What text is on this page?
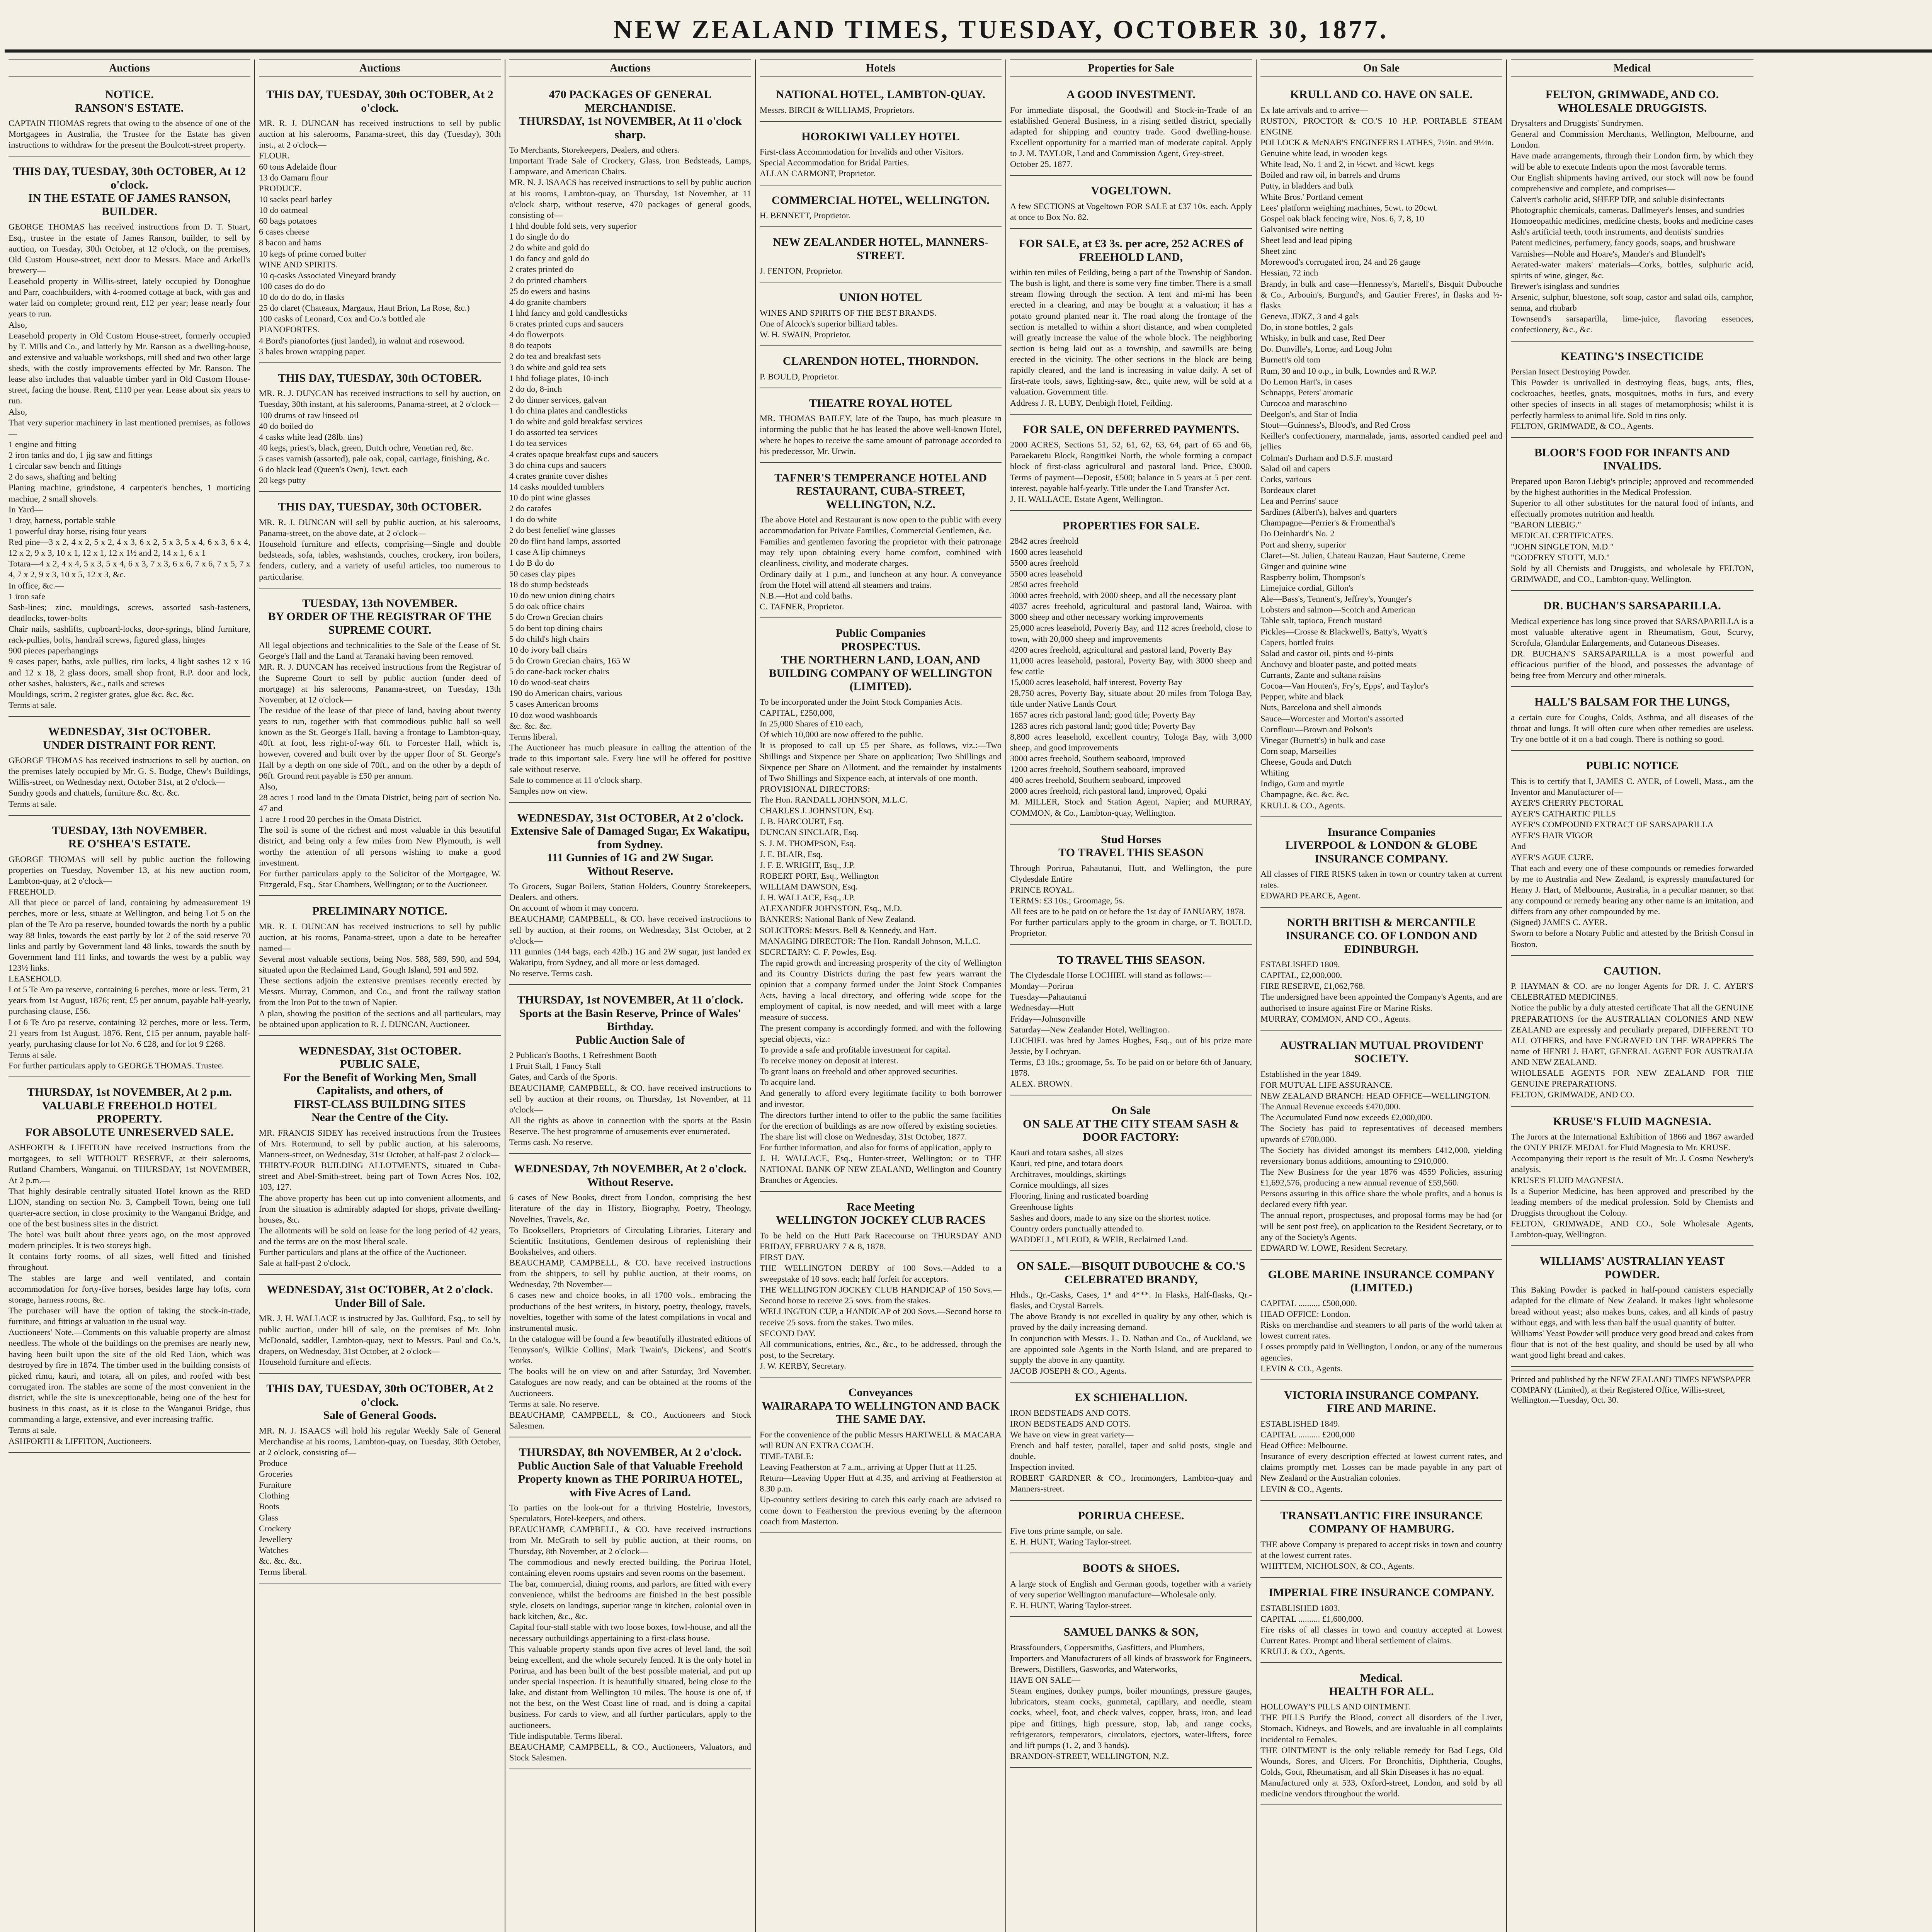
NEW ZEALAND TIMES, TUESDAY, OCTOBER 30, 1877.
Auctions
NOTICE.
RANSON'S ESTATE.
CAPTAIN THOMAS regrets that owing to the absence of one of the Mortgagees in Australia, the Trustee for the Estate has given instructions to withdraw for the present the Boulcott-street property.
THIS DAY, TUESDAY, 30th OCTOBER, At 12 o'clock.
IN THE ESTATE OF JAMES RANSON, BUILDER.
GEORGE THOMAS has received instructions from D. T. Stuart, Esq., trustee in the estate of James Ranson, builder, to sell by auction, on Tuesday, 30th October, at 12 o'clock, on the premises, Old Custom House-street, next door to Messrs. Mace and Arkell's brewery—
Leasehold property in Willis-street, lately occupied by Donoghue and Parr, coachbuilders, with 4-roomed cottage at back, with gas and water laid on complete; ground rent, £12 per year; lease nearly four years to run.
Also,
Leasehold property in Old Custom House-street, formerly occupied by T. Mills and Co., and latterly by Mr. Ranson as a dwelling-house, and extensive and valuable workshops, mill shed and two other large sheds, with the costly improvements effected by Mr. Ranson. The lease also includes that valuable timber yard in Old Custom House-street, facing the house. Rent, £110 per year. Lease about six years to run.
Also,
That very superior machinery in last mentioned premises, as follows—
1 engine and fitting
2 iron tanks and do, 1 jig saw and fittings
1 circular saw bench and fittings
2 do saws, shafting and belting
Planing machine, grindstone, 4 carpenter's benches, 1 morticing machine, 2 small shovels.
In Yard—
1 dray, harness, portable stable
1 powerful dray horse, rising four years
Red pine—3 x 2, 4 x 2, 5 x 2, 4 x 3, 6 x 2, 5 x 3, 5 x 4, 6 x 3, 6 x 4, 12 x 2, 9 x 3, 10 x 1, 12 x 1, 12 x 1½ and 2, 14 x 1, 6 x 1
Totara—4 x 2, 4 x 4, 5 x 3, 5 x 4, 6 x 3, 7 x 3, 6 x 6, 7 x 6, 7 x 5, 7 x 4, 7 x 2, 9 x 3, 10 x 5, 12 x 3, &c.
In office, &c.—
1 iron safe
Sash-lines; zinc, mouldings, screws, assorted sash-fasteners, deadlocks, tower-bolts
Chair nails, sashlifts, cupboard-locks, door-springs, blind furniture, rack-pullies, bolts, handrail screws, figured glass, hinges
900 pieces paperhangings
9 cases paper, baths, axle pullies, rim locks, 4 light sashes 12 x 16 and 12 x 18, 2 glass doors, small shop front, R.P. door and lock, other sashes, balusters, &c., nails and screws
Mouldings, scrim, 2 register grates, glue &c. &c. &c.
Terms at sale.
WEDNESDAY, 31st OCTOBER.
UNDER DISTRAINT FOR RENT.
GEORGE THOMAS has received instructions to sell by auction, on the premises lately occupied by Mr. G. S. Budge, Chew's Buildings, Willis-street, on Wednesday next, October 31st, at 2 o'clock—
Sundry goods and chattels, furniture &c. &c. &c.
Terms at sale.
TUESDAY, 13th NOVEMBER.
RE O'SHEA'S ESTATE.
GEORGE THOMAS will sell by public auction the following properties on Tuesday, November 13, at his new auction room, Lambton-quay, at 2 o'clock—
FREEHOLD.
All that piece or parcel of land, containing by admeasurement 19 perches, more or less, situate at Wellington, and being Lot 5 on the plan of the Te Aro pa reserve, bounded towards the north by a public way 88 links, towards the east partly by lot 2 of the said reserve 70 links and partly by Government land 48 links, towards the south by Government land 111 links, and towards the west by a public way 123½ links.
LEASEHOLD.
Lot 5 Te Aro pa reserve, containing 6 perches, more or less. Term, 21 years from 1st August, 1876; rent, £5 per annum, payable half-yearly, purchasing clause, £56.
Lot 6 Te Aro pa reserve, containing 32 perches, more or less. Term, 21 years from 1st August, 1876. Rent, £15 per annum, payable half-yearly, purchasing clause for lot No. 6 £28, and for lot 9 £268.
Terms at sale.
For further particulars apply to GEORGE THOMAS. Trustee.
THURSDAY, 1st NOVEMBER, At 2 p.m.
VALUABLE FREEHOLD HOTEL PROPERTY.
FOR ABSOLUTE UNRESERVED SALE.
ASHFORTH & LIFFITON have received instructions from the mortgagees, to sell WITHOUT RESERVE, at their salerooms, Rutland Chambers, Wanganui, on THURSDAY, 1st NOVEMBER, At 2 p.m.—
That highly desirable centrally situated Hotel known as the RED LION, standing on section No. 3, Campbell Town, being one full quarter-acre section, in close proximity to the Wanganui Bridge, and one of the best business sites in the district.
The hotel was built about three years ago, on the most approved modern principles. It is two storeys high.
It contains forty rooms, of all sizes, well fitted and finished throughout.
The stables are large and well ventilated, and contain accommodation for forty-five horses, besides large hay lofts, corn storage, harness rooms, &c.
The purchaser will have the option of taking the stock-in-trade, furniture, and fittings at valuation in the usual way.
Auctioneers' Note.—Comments on this valuable property are almost needless. The whole of the buildings on the premises are nearly new, having been built upon the site of the old Red Lion, which was destroyed by fire in 1874. The timber used in the building consists of picked rimu, kauri, and totara, all on piles, and roofed with best corrugated iron. The stables are some of the most convenient in the district, while the site is unexceptionable, being one of the best for business in this coast, as it is close to the Wanganui Bridge, thus commanding a large, extensive, and ever increasing traffic.
Terms at sale.
ASHFORTH & LIFFITON, Auctioneers.
Auctions
THIS DAY, TUESDAY, 30th OCTOBER, At 2 o'clock.
MR. R. J. DUNCAN has received instructions to sell by public auction at his salerooms, Panama-street, this day (Tuesday), 30th inst., at 2 o'clock—
FLOUR.
60 tons Adelaide flour
13 do Oamaru flour
PRODUCE.
10 sacks pearl barley
10 do oatmeal
60 bags potatoes
6 cases cheese
8 bacon and hams
10 kegs of prime corned butter
WINE AND SPIRITS.
10 q-casks Associated Vineyard brandy
100 cases do do do
10 do do do do, in flasks
25 do claret (Chateaux, Margaux, Haut Brion, La Rose, &c.)
100 casks of Leonard, Cox and Co.'s bottled ale
PIANOFORTES.
4 Bord's pianofortes (just landed), in walnut and rosewood.
3 bales brown wrapping paper.
THIS DAY, TUESDAY, 30th OCTOBER.
MR. R. J. DUNCAN has received instructions to sell by auction, on Tuesday, 30th instant, at his salerooms, Panama-street, at 2 o'clock—
100 drums of raw linseed oil
40 do boiled do
4 casks white lead (28lb. tins)
40 kegs, priest's, black, green, Dutch ochre, Venetian red, &c.
5 cases varnish (assorted), pale oak, copal, carriage, finishing, &c.
6 do black lead (Queen's Own), 1cwt. each
20 kegs putty
THIS DAY, TUESDAY, 30th OCTOBER.
MR. R. J. DUNCAN will sell by public auction, at his salerooms, Panama-street, on the above date, at 2 o'clock—
Household furniture and effects, comprising—Single and double bedsteads, sofa, tables, washstands, couches, crockery, iron boilers, fenders, cutlery, and a variety of useful articles, too numerous to particularise.
TUESDAY, 13th NOVEMBER.
BY ORDER OF THE REGISTRAR OF THE SUPREME COURT.
All legal objections and technicalities to the Sale of the Lease of St. George's Hall and the Land at Taranaki having been removed.
MR. R. J. DUNCAN has received instructions from the Registrar of the Supreme Court to sell by public auction (under deed of mortgage) at his salerooms, Panama-street, on Tuesday, 13th November, at 12 o'clock—
The residue of the lease of that piece of land, having about twenty years to run, together with that commodious public hall so well known as the St. George's Hall, having a frontage to Lambton-quay, 40ft. at foot, less right-of-way 6ft. to Forcester Hall, which is, however, covered and built over by the upper floor of St. George's Hall by a depth on one side of 70ft., and on the other by a depth of 96ft. Ground rent payable is £50 per annum.
Also,
28 acres 1 rood land in the Omata District, being part of section No. 47 and
1 acre 1 rood 20 perches in the Omata District.
The soil is some of the richest and most valuable in this beautiful district, and being only a few miles from New Plymouth, is well worthy the attention of all persons wishing to make a good investment.
For further particulars apply to the Solicitor of the Mortgagee, W. Fitzgerald, Esq., Star Chambers, Wellington; or to the Auctioneer.
PRELIMINARY NOTICE.
MR. R. J. DUNCAN has received instructions to sell by public auction, at his rooms, Panama-street, upon a date to be hereafter named—
Several most valuable sections, being Nos. 588, 589, 590, and 594, situated upon the Reclaimed Land, Gough Island, 591 and 592.
These sections adjoin the extensive premises recently erected by Messrs. Murray, Common, and Co., and front the railway station from the Iron Pot to the town of Napier.
A plan, showing the position of the sections and all particulars, may be obtained upon application to R. J. DUNCAN, Auctioneer.
WEDNESDAY, 31st OCTOBER.
PUBLIC SALE,
For the Benefit of Working Men, Small Capitalists, and others, of
FIRST-CLASS BUILDING SITES
Near the Centre of the City.
MR. FRANCIS SIDEY has received instructions from the Trustees of Mrs. Rotermund, to sell by public auction, at his salerooms, Manners-street, on Wednesday, 31st October, at half-past 2 o'clock—
THIRTY-FOUR BUILDING ALLOTMENTS, situated in Cuba-street and Abel-Smith-street, being part of Town Acres Nos. 102, 103, 127.
The above property has been cut up into convenient allotments, and from the situation is admirably adapted for shops, private dwelling-houses, &c.
The allotments will be sold on lease for the long period of 42 years, and the terms are on the most liberal scale.
Further particulars and plans at the office of the Auctioneer.
Sale at half-past 2 o'clock.
WEDNESDAY, 31st OCTOBER, At 2 o'clock.
Under Bill of Sale.
MR. J. H. WALLACE is instructed by Jas. Gulliford, Esq., to sell by public auction, under bill of sale, on the premises of Mr. John McDonald, saddler, Lambton-quay, next to Messrs. Paul and Co.'s, drapers, on Wednesday, 31st October, at 2 o'clock—
Household furniture and effects.
THIS DAY, TUESDAY, 30th OCTOBER, At 2 o'clock.
Sale of General Goods.
MR. N. J. ISAACS will hold his regular Weekly Sale of General Merchandise at his rooms, Lambton-quay, on Tuesday, 30th October, at 2 o'clock, consisting of—
Produce
Groceries
Furniture
Clothing
Boots
Glass
Crockery
Jewellery
Watches
&c. &c. &c.
Terms liberal.
Auctions
470 PACKAGES OF GENERAL MERCHANDISE.
THURSDAY, 1st NOVEMBER, At 11 o'clock sharp.
To Merchants, Storekeepers, Dealers, and others.
Important Trade Sale of Crockery, Glass, Iron Bedsteads, Lamps, Lampware, and American Chairs.
MR. N. J. ISAACS has received instructions to sell by public auction at his rooms, Lambton-quay, on Thursday, 1st November, at 11 o'clock sharp, without reserve, 470 packages of general goods, consisting of—
1 hhd double fold sets, very superior
1 do single do do
2 do white and gold do
1 do fancy and gold do
2 crates printed do
2 do printed chambers
25 do ewers and basins
4 do granite chambers
1 hhd fancy and gold candlesticks
6 crates printed cups and saucers
4 do flowerpots
8 do teapots
2 do tea and breakfast sets
3 do white and gold tea sets
1 hhd foliage plates, 10-inch
2 do do, 8-inch
2 do dinner services, galvan
1 do china plates and candlesticks
1 do white and gold breakfast services
1 do assorted tea services
1 do tea services
4 crates opaque breakfast cups and saucers
3 do china cups and saucers
4 crates granite cover dishes
14 casks moulded tumblers
10 do pint wine glasses
2 do carafes
1 do do white
2 do best fenelief wine glasses
20 do flint hand lamps, assorted
1 case A lip chimneys
1 do B do do
50 cases clay pipes
18 do stump bedsteads
10 do new union dining chairs
5 do oak office chairs
5 do Crown Grecian chairs
5 do bent top dining chairs
5 do child's high chairs
10 do ivory ball chairs
5 do Crown Grecian chairs, 165 W
5 do cane-back rocker chairs
10 do wood-seat chairs
190 do American chairs, various
5 cases American brooms
10 doz wood washboards
&c. &c. &c.
Terms liberal.
The Auctioneer has much pleasure in calling the attention of the trade to this important sale. Every line will be offered for positive sale without reserve.
Sale to commence at 11 o'clock sharp.
Samples now on view.
WEDNESDAY, 31st OCTOBER, At 2 o'clock.
Extensive Sale of Damaged Sugar, Ex Wakatipu, from Sydney.
111 Gunnies of 1G and 2W Sugar.
Without Reserve.
To Grocers, Sugar Boilers, Station Holders, Country Storekeepers, Dealers, and others.
On account of whom it may concern.
BEAUCHAMP, CAMPBELL, & CO. have received instructions to sell by auction, at their rooms, on Wednesday, 31st October, at 2 o'clock—
111 gunnies (144 bags, each 42lb.) 1G and 2W sugar, just landed ex Wakatipu, from Sydney, and all more or less damaged.
No reserve. Terms cash.
THURSDAY, 1st NOVEMBER, At 11 o'clock.
Sports at the Basin Reserve, Prince of Wales' Birthday.
Public Auction Sale of
2 Publican's Booths, 1 Refreshment Booth
1 Fruit Stall, 1 Fancy Stall
Gates, and Cards of the Sports.
BEAUCHAMP, CAMPBELL, & CO. have received instructions to sell by auction at their rooms, on Thursday, 1st November, at 11 o'clock—
All the rights as above in connection with the sports at the Basin Reserve. The best programme of amusements ever enumerated.
Terms cash. No reserve.
WEDNESDAY, 7th NOVEMBER, At 2 o'clock.
Without Reserve.
6 cases of New Books, direct from London, comprising the best literature of the day in History, Biography, Poetry, Theology, Novelties, Travels, &c.
To Booksellers, Proprietors of Circulating Libraries, Literary and Scientific Institutions, Gentlemen desirous of replenishing their Bookshelves, and others.
BEAUCHAMP, CAMPBELL, & CO. have received instructions from the shippers, to sell by public auction, at their rooms, on Wednesday, 7th November—
6 cases new and choice books, in all 1700 vols., embracing the productions of the best writers, in history, poetry, theology, travels, novelties, together with some of the latest compilations in vocal and instrumental music.
In the catalogue will be found a few beautifully illustrated editions of Tennyson's, Wilkie Collins', Mark Twain's, Dickens', and Scott's works.
The books will be on view on and after Saturday, 3rd November. Catalogues are now ready, and can be obtained at the rooms of the Auctioneers.
Terms at sale. No reserve.
BEAUCHAMP, CAMPBELL, & CO., Auctioneers and Stock Salesmen.
THURSDAY, 8th NOVEMBER, At 2 o'clock.
Public Auction Sale of that Valuable Freehold Property known as THE PORIRUA HOTEL, with Five Acres of Land.
To parties on the look-out for a thriving Hostelrie, Investors, Speculators, Hotel-keepers, and others.
BEAUCHAMP, CAMPBELL, & CO. have received instructions from Mr. McGrath to sell by public auction, at their rooms, on Thursday, 8th November, at 2 o'clock—
The commodious and newly erected building, the Porirua Hotel, containing eleven rooms upstairs and seven rooms on the basement.
The bar, commercial, dining rooms, and parlors, are fitted with every convenience, whilst the bedrooms are finished in the best possible style, closets on landings, superior range in kitchen, colonial oven in back kitchen, &c., &c.
Capital four-stall stable with two loose boxes, fowl-house, and all the necessary outbuildings appertaining to a first-class house.
This valuable property stands upon five acres of level land, the soil being excellent, and the whole securely fenced. It is the only hotel in Porirua, and has been built of the best possible material, and put up under special inspection. It is beautifully situated, being close to the lake, and distant from Wellington 10 miles. The house is one of, if not the best, on the West Coast line of road, and is doing a capital business. For cards to view, and all further particulars, apply to the auctioneers.
Title indisputable. Terms liberal.
BEAUCHAMP, CAMPBELL, & CO., Auctioneers, Valuators, and Stock Salesmen.
Hotels
NATIONAL HOTEL, LAMBTON-QUAY.
Messrs. BIRCH & WILLIAMS, Proprietors.
HOROKIWI VALLEY HOTEL
First-class Accommodation for Invalids and other Visitors.
Special Accommodation for Bridal Parties.
ALLAN CARMONT, Proprietor.
COMMERCIAL HOTEL, WELLINGTON.
H. BENNETT, Proprietor.
NEW ZEALANDER HOTEL, MANNERS-STREET.
J. FENTON, Proprietor.
UNION HOTEL
WINES AND SPIRITS OF THE BEST BRANDS.
One of Alcock's superior billiard tables.
W. H. SWAIN, Proprietor.
CLARENDON HOTEL, THORNDON.
P. BOULD, Proprietor.
THEATRE ROYAL HOTEL
MR. THOMAS BAILEY, late of the Taupo, has much pleasure in informing the public that he has leased the above well-known Hotel, where he hopes to receive the same amount of patronage accorded to his predecessor, Mr. Urwin.
TAFNER'S TEMPERANCE HOTEL AND RESTAURANT, CUBA-STREET, WELLINGTON, N.Z.
The above Hotel and Restaurant is now open to the public with every accommodation for Private Families, Commercial Gentlemen, &c.
Families and gentlemen favoring the proprietor with their patronage may rely upon obtaining every home comfort, combined with cleanliness, civility, and moderate charges.
Ordinary daily at 1 p.m., and luncheon at any hour. A conveyance from the Hotel will attend all steamers and trains.
N.B.—Hot and cold baths.
C. TAFNER, Proprietor.
Public Companies
PROSPECTUS.
THE NORTHERN LAND, LOAN, AND BUILDING COMPANY OF WELLINGTON (LIMITED).
To be incorporated under the Joint Stock Companies Acts.
CAPITAL, £250,000,
In 25,000 Shares of £10 each,
Of which 10,000 are now offered to the public.
It is proposed to call up £5 per Share, as follows, viz.:—Two Shillings and Sixpence per Share on application; Two Shillings and Sixpence per Share on Allotment, and the remainder by instalments of Two Shillings and Sixpence each, at intervals of one month.
PROVISIONAL DIRECTORS:
The Hon. RANDALL JOHNSON, M.L.C.
CHARLES J. JOHNSTON, Esq.
J. B. HARCOURT, Esq.
DUNCAN SINCLAIR, Esq.
S. J. M. THOMPSON, Esq.
J. E. BLAIR, Esq.
J. F. E. WRIGHT, Esq., J.P.
ROBERT PORT, Esq., Wellington
WILLIAM DAWSON, Esq.
J. H. WALLACE, Esq., J.P.
ALEXANDER JOHNSTON, Esq., M.D.
BANKERS: National Bank of New Zealand.
SOLICITORS: Messrs. Bell & Kennedy, and Hart.
MANAGING DIRECTOR: The Hon. Randall Johnson, M.L.C.
SECRETARY: C. F. Powles, Esq.
The rapid growth and increasing prosperity of the city of Wellington and its Country Districts during the past few years warrant the opinion that a company formed under the Joint Stock Companies Acts, having a local directory, and offering wide scope for the employment of capital, is now needed, and will meet with a large measure of success.
The present company is accordingly formed, and with the following special objects, viz.:
To provide a safe and profitable investment for capital.
To receive money on deposit at interest.
To grant loans on freehold and other approved securities.
To acquire land.
And generally to afford every legitimate facility to both borrower and investor.
The directors further intend to offer to the public the same facilities for the erection of buildings as are now offered by existing societies.
The share list will close on Wednesday, 31st October, 1877.
For further information, and also for forms of application, apply to
J. H. WALLACE, Esq., Hunter-street, Wellington; or to THE NATIONAL BANK OF NEW ZEALAND, Wellington and Country Branches or Agencies.
Race Meeting
WELLINGTON JOCKEY CLUB RACES
To be held on the Hutt Park Racecourse on THURSDAY AND FRIDAY, FEBRUARY 7 & 8, 1878.
FIRST DAY.
THE WELLINGTON DERBY of 100 Sovs.—Added to a sweepstake of 10 sovs. each; half forfeit for acceptors.
THE WELLINGTON JOCKEY CLUB HANDICAP of 150 Sovs.—Second horse to receive 25 sovs. from the stakes.
WELLINGTON CUP, a HANDICAP of 200 Sovs.—Second horse to receive 25 sovs. from the stakes. Two miles.
SECOND DAY.
All communications, entries, &c., &c., to be addressed, through the post, to the Secretary.
J. W. KERBY, Secretary.
Conveyances
WAIRARAPA TO WELLINGTON AND BACK THE SAME DAY.
For the convenience of the public Messrs HARTWELL & MACARA will RUN AN EXTRA COACH.
TIME-TABLE:
Leaving Featherston at 7 a.m., arriving at Upper Hutt at 11.25.
Return—Leaving Upper Hutt at 4.35, and arriving at Featherston at 8.30 p.m.
Up-country settlers desiring to catch this early coach are advised to come down to Featherston the previous evening by the afternoon coach from Masterton.
Properties for Sale
A GOOD INVESTMENT.
For immediate disposal, the Goodwill and Stock-in-Trade of an established General Business, in a rising settled district, specially adapted for shipping and country trade. Good dwelling-house. Excellent opportunity for a married man of moderate capital. Apply to J. M. TAYLOR, Land and Commission Agent, Grey-street.
October 25, 1877.
VOGELTOWN.
A few SECTIONS at Vogeltown FOR SALE at £37 10s. each. Apply at once to Box No. 82.
FOR SALE, at £3 3s. per acre, 252 ACRES of FREEHOLD LAND,
within ten miles of Feilding, being a part of the Township of Sandon. The bush is light, and there is some very fine timber. There is a small stream flowing through the section. A tent and mi-mi has been erected in a clearing, and may be bought at a valuation; it has a potato ground planted near it. The road along the frontage of the section is metalled to within a short distance, and when completed will greatly increase the value of the whole block. The neighboring section is being laid out as a township, and sawmills are being erected in the vicinity. The other sections in the block are being rapidly cleared, and the land is increasing in value daily. A set of first-rate tools, saws, lighting-saw, &c., quite new, will be sold at a valuation. Government title.
Address J. R. LUBY, Denbigh Hotel, Feilding.
FOR SALE, ON DEFERRED PAYMENTS.
2000 ACRES, Sections 51, 52, 61, 62, 63, 64, part of 65 and 66, Paraekaretu Block, Rangitikei North, the whole forming a compact block of first-class agricultural and pastoral land. Price, £3000. Terms of payment—Deposit, £500; balance in 5 years at 5 per cent. interest, payable half-yearly. Title under the Land Transfer Act.
J. H. WALLACE, Estate Agent, Wellington.
PROPERTIES FOR SALE.
2842 acres freehold
1600 acres leasehold
5500 acres freehold
5500 acres leasehold
2850 acres freehold
3000 acres freehold, with 2000 sheep, and all the necessary plant
4037 acres freehold, agricultural and pastoral land, Wairoa, with 3000 sheep and other necessary working improvements
25,000 acres leasehold, Poverty Bay, and 112 acres freehold, close to town, with 20,000 sheep and improvements
4200 acres freehold, agricultural and pastoral land, Poverty Bay
11,000 acres leasehold, pastoral, Poverty Bay, with 3000 sheep and few cattle
15,000 acres leasehold, half interest, Poverty Bay
28,750 acres, Poverty Bay, situate about 20 miles from Tologa Bay, title under Native Lands Court
1657 acres rich pastoral land; good title; Poverty Bay
1283 acres rich pastoral land; good title; Poverty Bay
8,800 acres leasehold, excellent country, Tologa Bay, with 3,000 sheep, and good improvements
3000 acres freehold, Southern seaboard, improved
1200 acres freehold, Southern seaboard, improved
400 acres freehold, Southern seaboard, improved
2000 acres freehold, rich pastoral land, improved, Opaki
M. MILLER, Stock and Station Agent, Napier; and MURRAY, COMMON, & Co., Lambton-quay, Wellington.
Stud Horses
TO TRAVEL THIS SEASON
Through Porirua, Pahautanui, Hutt, and Wellington, the pure Clydesdale Entire
PRINCE ROYAL.
TERMS: £3 10s.; Groomage, 5s.
All fees are to be paid on or before the 1st day of JANUARY, 1878.
For further particulars apply to the groom in charge, or T. BOULD, Proprietor.
TO TRAVEL THIS SEASON.
The Clydesdale Horse LOCHIEL will stand as follows:—
Monday—Porirua
Tuesday—Pahautanui
Wednesday—Hutt
Friday—Johnsonville
Saturday—New Zealander Hotel, Wellington.
LOCHIEL was bred by James Hughes, Esq., out of his prize mare Jessie, by Lochryan.
Terms, £3 10s.; groomage, 5s. To be paid on or before 6th of January, 1878.
ALEX. BROWN.
On Sale
ON SALE AT THE CITY STEAM SASH & DOOR FACTORY:
Kauri and totara sashes, all sizes
Kauri, red pine, and totara doors
Architraves, mouldings, skirtings
Cornice mouldings, all sizes
Flooring, lining and rusticated boarding
Greenhouse lights
Sashes and doors, made to any size on the shortest notice.
Country orders punctually attended to.
WADDELL, M'LEOD, & WEIR, Reclaimed Land.
ON SALE.—BISQUIT DUBOUCHE & CO.'S CELEBRATED BRANDY,
Hhds., Qr.-Casks, Cases, 1* and 4***. In Flasks, Half-flasks, Qr.-flasks, and Crystal Barrels.
The above Brandy is not excelled in quality by any other, which is proved by the daily increasing demand.
In conjunction with Messrs. L. D. Nathan and Co., of Auckland, we are appointed sole Agents in the North Island, and are prepared to supply the above in any quantity.
JACOB JOSEPH & CO., Agents.
EX SCHIEHALLION.
IRON BEDSTEADS AND COTS.
IRON BEDSTEADS AND COTS.
We have on view in great variety—
French and half tester, parallel, taper and solid posts, single and double.
Inspection invited.
ROBERT GARDNER & CO., Ironmongers, Lambton-quay and Manners-street.
PORIRUA CHEESE.
Five tons prime sample, on sale.
E. H. HUNT, Waring Taylor-street.
BOOTS & SHOES.
A large stock of English and German goods, together with a variety of very superior Wellington manufacture—Wholesale only.
E. H. HUNT, Waring Taylor-street.
SAMUEL DANKS & SON,
Brassfounders, Coppersmiths, Gasfitters, and Plumbers,
Importers and Manufacturers of all kinds of brasswork for Engineers, Brewers, Distillers, Gasworks, and Waterworks,
HAVE ON SALE—
Steam engines, donkey pumps, boiler mountings, pressure gauges, lubricators, steam cocks, gunmetal, capillary, and needle, steam cocks, wheel, foot, and check valves, copper, brass, iron, and lead pipe and fittings, high pressure, stop, lab, and range cocks, refrigerators, temperators, circulators, ejectors, water-lifters, force and lift pumps (1, 2, and 3 hands).
BRANDON-STREET, WELLINGTON, N.Z.
On Sale
KRULL AND CO. HAVE ON SALE.
Ex late arrivals and to arrive—
RUSTON, PROCTOR & CO.'S 10 H.P. PORTABLE STEAM ENGINE
POLLOCK & McNAB'S ENGINEERS LATHES, 7½in. and 9½in.
Genuine white lead, in wooden kegs
White lead, No. 1 and 2, in ½cwt. and ¼cwt. kegs
Boiled and raw oil, in barrels and drums
Putty, in bladders and bulk
White Bros.' Portland cement
Lees' platform weighing machines, 5cwt. to 20cwt.
Gospel oak black fencing wire, Nos. 6, 7, 8, 10
Galvanised wire netting
Sheet lead and lead piping
Sheet zinc
Morewood's corrugated iron, 24 and 26 gauge
Hessian, 72 inch
Brandy, in bulk and case—Hennessy's, Martell's, Bisquit Dubouche & Co., Arbouin's, Burgund's, and Gautier Freres', in flasks and ½-flasks
Geneva, JDKZ, 3 and 4 gals
Do, in stone bottles, 2 gals
Whisky, in bulk and case, Red Deer
Do. Dunville's, Lorne, and Loug John
Burnett's old tom
Rum, 30 and 10 o.p., in bulk, Lowndes and R.W.P.
Do Lemon Hart's, in cases
Schnapps, Peters' aromatic
Curocoa and maraschino
Deelgon's, and Star of India
Stout—Guinness's, Blood's, and Red Cross
Keiller's confectionery, marmalade, jams, assorted candied peel and jellies
Colman's Durham and D.S.F. mustard
Salad oil and capers
Corks, various
Bordeaux claret
Lea and Perrins' sauce
Sardines (Albert's), halves and quarters
Champagne—Perrier's & Fromenthal's
Do Deinhardt's No. 2
Port and sherry, superior
Claret—St. Julien, Chateau Rauzan, Haut Sauterne, Creme
Ginger and quinine wine
Raspberry bolim, Thompson's
Limejuice cordial, Gillon's
Ale—Bass's, Tennent's, Jeffrey's, Younger's
Lobsters and salmon—Scotch and American
Table salt, tapioca, French mustard
Pickles—Crosse & Blackwell's, Batty's, Wyatt's
Capers, bottled fruits
Salad and castor oil, pints and ½-pints
Anchovy and bloater paste, and potted meats
Currants, Zante and sultana raisins
Cocoa—Van Houten's, Fry's, Epps', and Taylor's
Pepper, white and black
Nuts, Barcelona and shell almonds
Sauce—Worcester and Morton's assorted
Cornflour—Brown and Polson's
Vinegar (Burnett's) in bulk and case
Corn soap, Marseilles
Cheese, Gouda and Dutch
Whiting
Indigo, Gum and myrtle
Champagne, &c. &c. &c.
KRULL & CO., Agents.
Insurance Companies
LIVERPOOL & LONDON & GLOBE INSURANCE COMPANY.
All classes of FIRE RISKS taken in town or country taken at current rates.
EDWARD PEARCE, Agent.
NORTH BRITISH & MERCANTILE INSURANCE CO. OF LONDON AND EDINBURGH.
ESTABLISHED 1809.
CAPITAL, £2,000,000.
FIRE RESERVE, £1,062,768.
The undersigned have been appointed the Company's Agents, and are authorised to insure against Fire or Marine Risks.
MURRAY, COMMON, AND CO., Agents.
AUSTRALIAN MUTUAL PROVIDENT SOCIETY.
Established in the year 1849.
FOR MUTUAL LIFE ASSURANCE.
NEW ZEALAND BRANCH: HEAD OFFICE—WELLINGTON.
The Annual Revenue exceeds £470,000.
The Accumulated Fund now exceeds £2,000,000.
The Society has paid to representatives of deceased members upwards of £700,000.
The Society has divided amongst its members £412,000, yielding reversionary bonus additions, amounting to £910,000.
The New Business for the year 1876 was 4559 Policies, assuring £1,692,576, producing a new annual revenue of £59,560.
Persons assuring in this office share the whole profits, and a bonus is declared every fifth year.
The annual report, prospectuses, and proposal forms may be had (or will be sent post free), on application to the Resident Secretary, or to any of the Society's Agents.
EDWARD W. LOWE, Resident Secretary.
GLOBE MARINE INSURANCE COMPANY (LIMITED.)
CAPITAL .......... £500,000.
HEAD OFFICE: London.
Risks on merchandise and steamers to all parts of the world taken at lowest current rates.
Losses promptly paid in Wellington, London, or any of the numerous agencies.
LEVIN & CO., Agents.
VICTORIA INSURANCE COMPANY.
FIRE AND MARINE.
ESTABLISHED 1849.
CAPITAL .......... £200,000
Head Office: Melbourne.
Insurance of every description effected at lowest current rates, and claims promptly met. Losses can be made payable in any part of New Zealand or the Australian colonies.
LEVIN & CO., Agents.
TRANSATLANTIC FIRE INSURANCE COMPANY OF HAMBURG.
THE above Company is prepared to accept risks in town and country at the lowest current rates.
WHITTEM, NICHOLSON, & CO., Agents.
IMPERIAL FIRE INSURANCE COMPANY.
ESTABLISHED 1803.
CAPITAL .......... £1,600,000.
Fire risks of all classes in town and country accepted at Lowest Current Rates. Prompt and liberal settlement of claims.
KRULL & CO., Agents.
Medical.
HEALTH FOR ALL.
HOLLOWAY'S PILLS AND OINTMENT.
THE PILLS Purify the Blood, correct all disorders of the Liver, Stomach, Kidneys, and Bowels, and are invaluable in all complaints incidental to Females.
THE OINTMENT is the only reliable remedy for Bad Legs, Old Wounds, Sores, and Ulcers. For Bronchitis, Diphtheria, Coughs, Colds, Gout, Rheumatism, and all Skin Diseases it has no equal.
Manufactured only at 533, Oxford-street, London, and sold by all medicine vendors throughout the world.
Medical
FELTON, GRIMWADE, AND CO. WHOLESALE DRUGGISTS.
Drysalters and Druggists' Sundrymen.
General and Commission Merchants, Wellington, Melbourne, and London.
Have made arrangements, through their London firm, by which they will be able to execute Indents upon the most favorable terms.
Our English shipments having arrived, our stock will now be found comprehensive and complete, and comprises—
Calvert's carbolic acid, SHEEP DIP, and soluble disinfectants
Photographic chemicals, cameras, Dallmeyer's lenses, and sundries
Homoeopathic medicines, medicine chests, books and medicine cases
Ash's artificial teeth, tooth instruments, and dentists' sundries
Patent medicines, perfumery, fancy goods, soaps, and brushware
Varnishes—Noble and Hoare's, Mander's and Blundell's
Aerated-water makers' materials—Corks, bottles, sulphuric acid, spirits of wine, ginger, &c.
Brewer's isinglass and sundries
Arsenic, sulphur, bluestone, soft soap, castor and salad oils, camphor, senna, and rhubarb
Townsend's sarsaparilla, lime-juice, flavoring essences, confectionery, &c., &c.
KEATING'S INSECTICIDE
Persian Insect Destroying Powder.
This Powder is unrivalled in destroying fleas, bugs, ants, flies, cockroaches, beetles, gnats, mosquitoes, moths in furs, and every other species of insects in all stages of metamorphosis; whilst it is perfectly harmless to animal life. Sold in tins only.
FELTON, GRIMWADE, & CO., Agents.
BLOOR'S FOOD FOR INFANTS AND INVALIDS.
Prepared upon Baron Liebig's principle; approved and recommended by the highest authorities in the Medical Profession.
Superior to all other substitutes for the natural food of infants, and effectually promotes nutrition and health.
"BARON LIEBIG."
MEDICAL CERTIFICATES.
"JOHN SINGLETON, M.D."
"GODFREY STOTT, M.D."
Sold by all Chemists and Druggists, and wholesale by FELTON, GRIMWADE, and CO., Lambton-quay, Wellington.
DR. BUCHAN'S SARSAPARILLA.
Medical experience has long since proved that SARSAPARILLA is a most valuable alterative agent in Rheumatism, Gout, Scurvy, Scrofula, Glandular Enlargements, and Cutaneous Diseases.
DR. BUCHAN'S SARSAPARILLA is a most powerful and efficacious purifier of the blood, and possesses the advantage of being free from Mercury and other minerals.
HALL'S BALSAM FOR THE LUNGS,
a certain cure for Coughs, Colds, Asthma, and all diseases of the throat and lungs. It will often cure when other remedies are useless. Try one bottle of it on a bad cough. There is nothing so good.
PUBLIC NOTICE
This is to certify that I, JAMES C. AYER, of Lowell, Mass., am the Inventor and Manufacturer of—
AYER'S CHERRY PECTORAL
AYER'S CATHARTIC PILLS
AYER'S COMPOUND EXTRACT OF SARSAPARILLA
AYER'S HAIR VIGOR
And
AYER'S AGUE CURE.
That each and every one of these compounds or remedies forwarded by me to Australia and New Zealand, is expressly manufactured for Henry J. Hart, of Melbourne, Australia, in a peculiar manner, so that any compound or remedy bearing any other name is an imitation, and differs from any other compounded by me.
(Signed) JAMES C. AYER.
Sworn to before a Notary Public and attested by the British Consul in Boston.
CAUTION.
P. HAYMAN & CO. are no longer Agents for DR. J. C. AYER'S CELEBRATED MEDICINES.
Notice the public by a duly attested certificate That all the GENUINE PREPARATIONS for the AUSTRALIAN COLONIES AND NEW ZEALAND are expressly and peculiarly prepared, DIFFERENT TO ALL OTHERS, and have ENGRAVED ON THE WRAPPERS The name of HENRI J. HART, GENERAL AGENT FOR AUSTRALIA AND NEW ZEALAND.
WHOLESALE AGENTS FOR NEW ZEALAND FOR THE GENUINE PREPARATIONS.
FELTON, GRIMWADE, AND CO.
KRUSE'S FLUID MAGNESIA.
The Jurors at the International Exhibition of 1866 and 1867 awarded the ONLY PRIZE MEDAL for Fluid Magnesia to Mr. KRUSE.
Accompanying their report is the result of Mr. J. Cosmo Newbery's analysis.
KRUSE'S FLUID MAGNESIA.
Is a Superior Medicine, has been approved and prescribed by the leading members of the medical profession. Sold by Chemists and Druggists throughout the Colony.
FELTON, GRIMWADE, AND CO., Sole Wholesale Agents, Lambton-quay, Wellington.
WILLIAMS' AUSTRALIAN YEAST POWDER.
This Baking Powder is packed in half-pound canisters especially adapted for the climate of New Zealand. It makes light wholesome bread without yeast; also makes buns, cakes, and all kinds of pastry without eggs, and with less than half the usual quantity of butter.
Williams' Yeast Powder will produce very good bread and cakes from flour that is not of the best quality, and should be used by all who want good light bread and cakes.
Printed and published by the NEW ZEALAND TIMES NEWSPAPER COMPANY (Limited), at their Registered Office, Willis-street, Wellington.—Tuesday, Oct. 30.
